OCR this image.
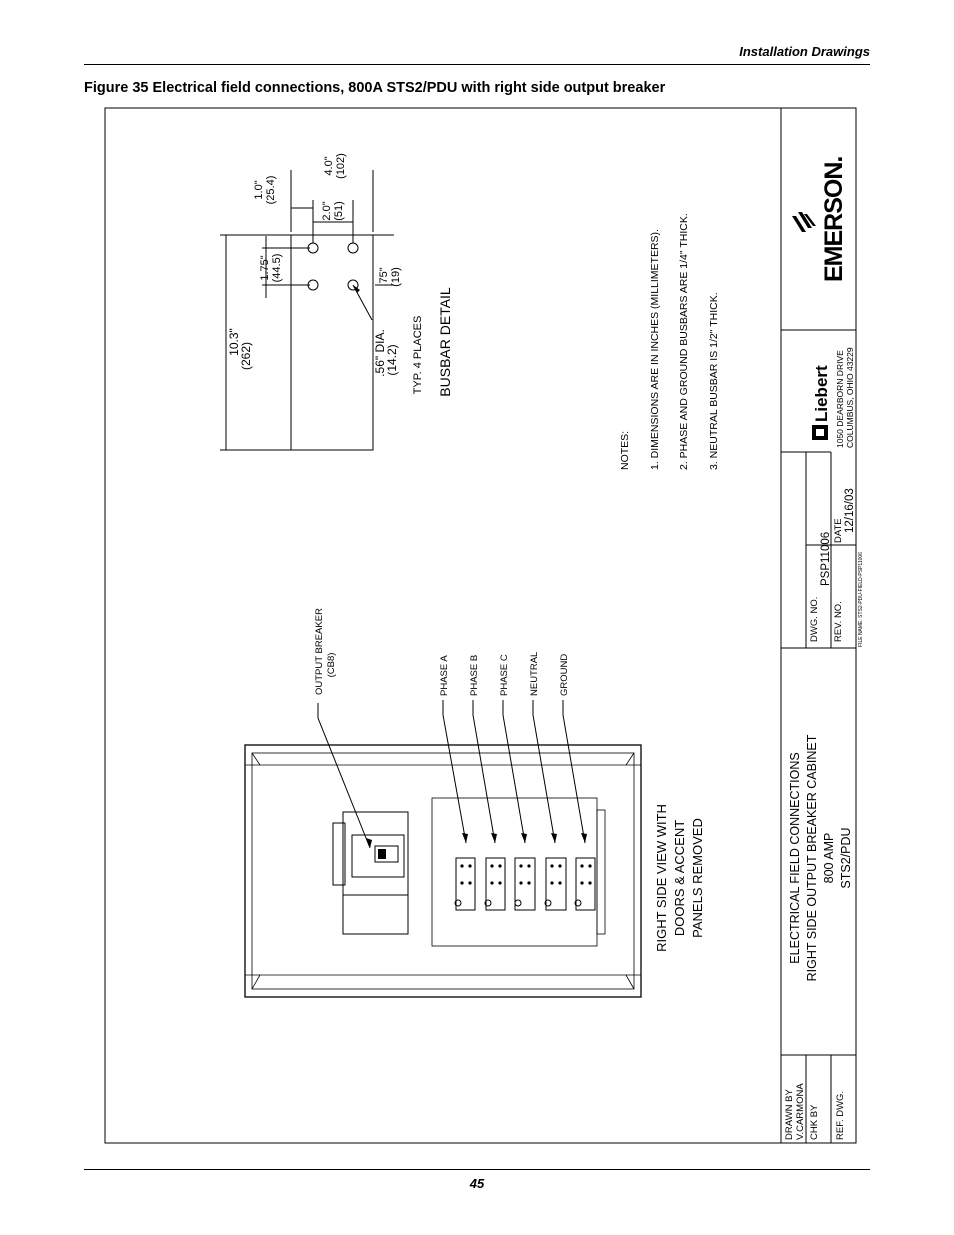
Installation Drawings
Figure 35 Electrical field connections, 800A STS2/PDU with right side output breaker
10.3"
(262)
1.75" (44.5)
1.0" (25.4)
4.0" (102)
2.0" (51)
.75" (19)
.56" DIA.
(14.2) TYP. 4 PLACES BUSBAR DETAIL
NOTES: 1. DIMENSIONS ARE IN INCHES (MILLIMETERS). 2. PHASE AND GROUND BUSBARS ARE 1/4" THICK. 3. NEUTRAL BUSBAR IS 1/2" THICK.
OUTPUT BREAKER (CB8)	PHASE A PHASE B PHASE C NEUTRAL GROUND
RIGHT SIDE VIEW WITH DOORS & ACCENT PANELS REMOVED	ELECTRICAL FIELD CONNECTIONS RIGHT SIDE OUTPUT BREAKER CABINET 800 AMP STS2/PDU
DRAWN BY V.CARMONA CHK BY REF. DWG.
DWG. NO.
PSP11006
REV. NO.
DATE 12/16/03
FILE NAME: STS2-PDU-FIELD-PSP11006
Liebert 1050 DEARBORN DRIVE COLUMBUS, OHIO 43229
EMERSON.
45
